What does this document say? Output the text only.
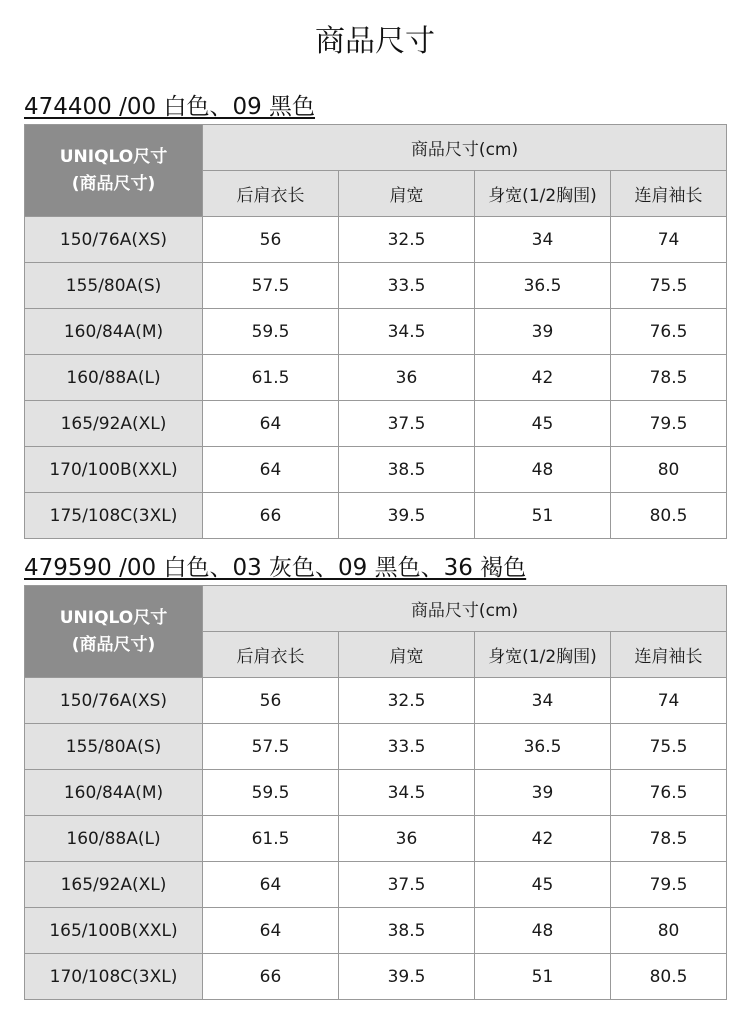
商品尺寸
474400 /00 白色、09 黑色
UNIQLO尺寸
(商品尺寸)	商品尺寸(cm)			
	后肩衣长	肩宽	身宽(1/2胸围)	连肩袖长
150/76A(XS)	56	32.5	34	74
155/80A(S)	57.5	33.5	36.5	75.5
160/84A(M)	59.5	34.5	39	76.5
160/88A(L)	61.5	36	42	78.5
165/92A(XL)	64	37.5	45	79.5
170/100B(XXL)	64	38.5	48	80
175/108C(3XL)	66	39.5	51	80.5
479590 /00 白色、03 灰色、09 黑色、36 褐色
UNIQLO尺寸
(商品尺寸)	商品尺寸(cm)			
	后肩衣长	肩宽	身宽(1/2胸围)	连肩袖长
150/76A(XS)	56	32.5	34	74
155/80A(S)	57.5	33.5	36.5	75.5
160/84A(M)	59.5	34.5	39	76.5
160/88A(L)	61.5	36	42	78.5
165/92A(XL)	64	37.5	45	79.5
165/100B(XXL)	64	38.5	48	80
170/108C(3XL)	66	39.5	51	80.5
